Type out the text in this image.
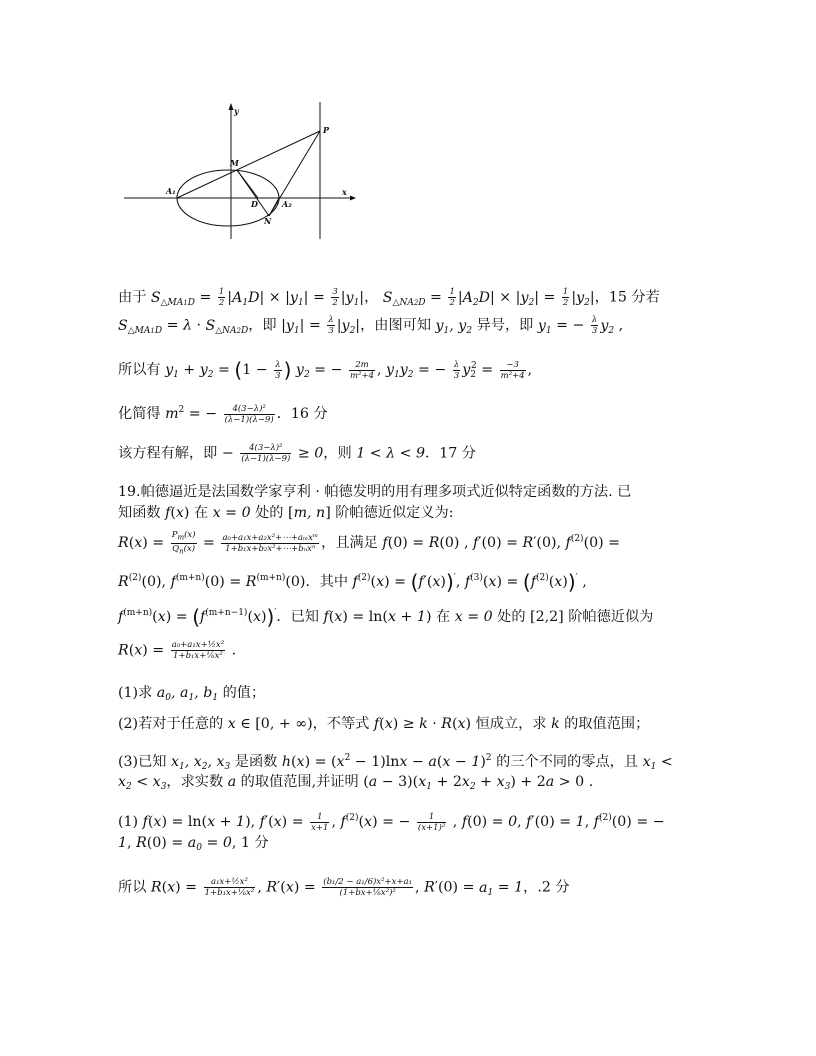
y
x
P
M
A₁
A₂
D
N
由于 $S_{\triangle MA1D} = \frac{1}{2} |A_1D| \times |y_1| = \frac{3}{2} |y_1|$， $S_{\triangle NA2D} = \frac{1}{2} |A_2D| \times |y_2| = \frac{1}{2} |y_2|$，15 分若
$S_{\triangle MA1D} = \lambda \cdot S_{\triangle NA2D}$，即 $|y_1| = \frac{\lambda}{3} |y_2|$，由图可知 $y_1$, $y_2$ 异号，即 $y_1$ = − $\frac{\lambda}{3} y_2$ ,
所以有 $y_1 + y_2 = (1 - \frac{\lambda}{3}$ ) $y_2$ = − $\frac{2m}{\text{m²+4}}$ , $y_1y_2$ = − $\frac{\lambda}{3} y_2^2 = \frac{-3}{\text{m²+4}}$ ,
化简得 $m^2$ = − $\frac{\text{4(3−λ)²}}{(\lambda-1)(\lambda-9)}$ ．16 分
该方程有解，即 − $\frac{\text{4(3−λ)²}}{(\lambda-1)(\lambda-9)} \ge 0$，则 1 < λ < 9．17 分
19.帕德逼近是法国数学家亨利 · 帕德发明的用有理多项式近似特定函数的方法. 已
知函数 f(x) 在 x = 0 处的 [m, n] 阶帕德近似定义为:
$R(x) = \frac{P_m(x)}{Q_n(x)} = \frac{\text{a₀+a₁x+a₂x²+⋯+aₘxᵐ}}{\text{1+b₁x+b₂x²+⋯+bₙxⁿ}}$ ，且满足 f(0) = R(0) , f′(0) = R′(0), $f^{(2)}(0)$ =
$R^{(2)}(0)$, $f^{(m+n)}(0) = R^{(m+n)}(0)$．其中 $f^{(2)}(x) = (f'(x))'$, $f^{(3)}(x) = (f^{(2)}(x))'$ ,
$f^{(m+n)}(x) = (f^{(m+n-1)}(x))'$．已知 f(x) = ln(x + 1) 在 x = 0 处的 [2,2] 阶帕德近似为
$R(x) = \frac{\text{a₀+a₁x+½x²}}{\text{1+b₁x+⅙x²}}$ .
(1)求 $a_0$, $a_1$, $b_1$ 的值；
(2)若对于任意的 x ∈ [0, + ∞)，不等式 f(x) ≥ k · R(x) 恒成立，求 k 的取值范围；
(3)已知 $x_1$, $x_2$, $x_3$ 是函数 $h(x) = (x^2 - 1)\ln x - a(x - 1)^2$ 的三个不同的零点，且 $x_1$ <
$x_2 < x_3$，求实数 a 的取值范围,并证明 $(a - 3)(x_1 + 2x_2 + x_3) + 2a > 0$ .
(1) f(x) = ln(x + 1), $f'(x) = \frac{1}{x+1}$ , $f^{(2)}(x)$ = − $\frac{1}{\text{(x+1)²}}$ , f(0) = 0, f′(0) = 1, $f^{(2)}(0)$ = −
1, $R(0) = a_0 = 0$, 1 分
所以 $R(x) = \frac{\text{a₁x+½x²}}{\text{1+b₁x+⅙x²}}$ , $R'(x) = \frac{\text{(b₁/2 − a₁/6)x²+x+a₁}}{\text{(1+bx+⅙x²)²}}$ , $R'(0) = a_1 = 1$，.2 分
